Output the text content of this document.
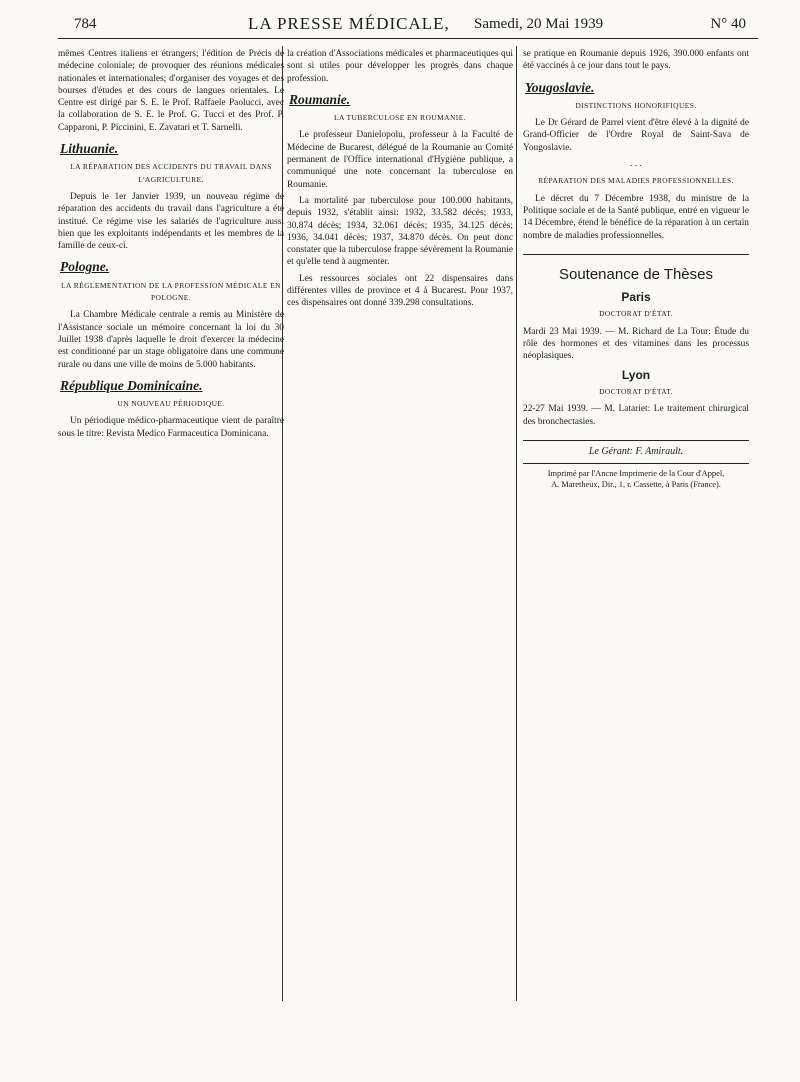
784	LA PRESSE MÉDICALE, Samedi, 20 Mai 1939	N° 40

mêmes Centres italiens et étrangers; l'édition de Précis de médecine coloniale; de provoquer des réunions médicales nationales et internationales; d'organiser des voyages et des bourses d'études et des cours de langues orientales. Le Centre est dirigé par S. E. le Prof. Raffaele Paolucci, avec la collaboration de S. E. le Prof. G. Tucci et des Prof. P. Capparoni, P. Piccinini, E. Zavatari et T. Sarnelli.

Lithuanie.
LA RÉPARATION DES ACCIDENTS DU TRAVAIL DANS L'AGRICULTURE.

Depuis le 1er Janvier 1939, un nouveau régime de réparation des accidents du travail dans l'agriculture a été institué. Ce régime vise les salariés de l'agriculture aussi bien que les exploitants indépendants et les membres de la famille de ceux-ci.

Pologne.
LA RÉGLEMENTATION DE LA PROFESSION MÉDICALE EN POLOGNE.

La Chambre Médicale centrale a remis au Ministère de l'Assistance sociale un mémoire concernant la loi du 30 Juillet 1938 d'après laquelle le droit d'exercer la médecine est conditionné par un stage obligatoire dans une commune rurale ou dans une ville de moins de 5.000 habitants.

République Dominicaine.
UN NOUVEAU PÉRIODIQUE.

Un périodique médico-pharmaceutique vient de paraître sous le titre: Revista Medico Farmaceutica Dominicana.

la création d'Associations médicales et pharmaceutiques qui sont si utiles pour développer les progrès dans chaque profession.

Roumanie.
LA TUBERCULOSE EN ROUMANIE.

Le professeur Danielopolu, professeur à la Faculté de Médecine de Bucarest, délégué de la Roumanie au Comité permanent de l'Office international d'Hygiène publique, a communiqué une note concernant la tuberculose en Roumanie.

La mortalité par tuberculose pour 100.000 habitants, depuis 1932, s'établit ainsi: 1932, 33.582 décès; 1933, 30.874 décès; 1934, 32.061 décès; 1935, 34.125 décès; 1936, 34.041 décès; 1937, 34.870 décès. On peut donc constater que la tuberculose frappe sévèrement la Roumanie et qu'elle tend à augmenter.

Les ressources sociales ont 22 dispensaires dans différentes villes de province et 4 à Bucarest. Pour 1937, ces dispensaires ont donné 339.298 consultations.

se pratique en Roumanie depuis 1926, 390.000 enfants ont été vaccinés à ce jour dans tout le pays.

Yougoslavie.
DISTINCTIONS HONORIFIQUES.

Le Dr Gérard de Parrel vient d'être élevé à la dignité de Grand-Officier de l'Ordre Royal de Saint-Sava de Yougoslavie.

. . .
RÉPARATION DES MALADIES PROFESSIONNELLES.

Le décret du 7 Décembre 1938, du ministre de la Politique sociale et de la Santé publique, entré en vigueur le 14 Décembre, étend le bénéfice de la réparation à un certain nombre de maladies professionnelles.

Soutenance de Thèses
Paris
DOCTORAT D'ÉTAT.

Mardi 23 Mai 1939. — M. Richard de La Tour: Étude du rôle des hormones et des vitamines dans les processus néoplasiques.

Lyon
DOCTORAT D'ÉTAT.

22-27 Mai 1939. — M. Latariet: Le traitement chirurgical des bronchectasies.

Le Gérant: F. Amirault.
Imprimé par l'Ancne Imprimerie de la Cour d'Appel,
A. Maretheux, Dir., 1, r. Cassette, à Paris (France).
